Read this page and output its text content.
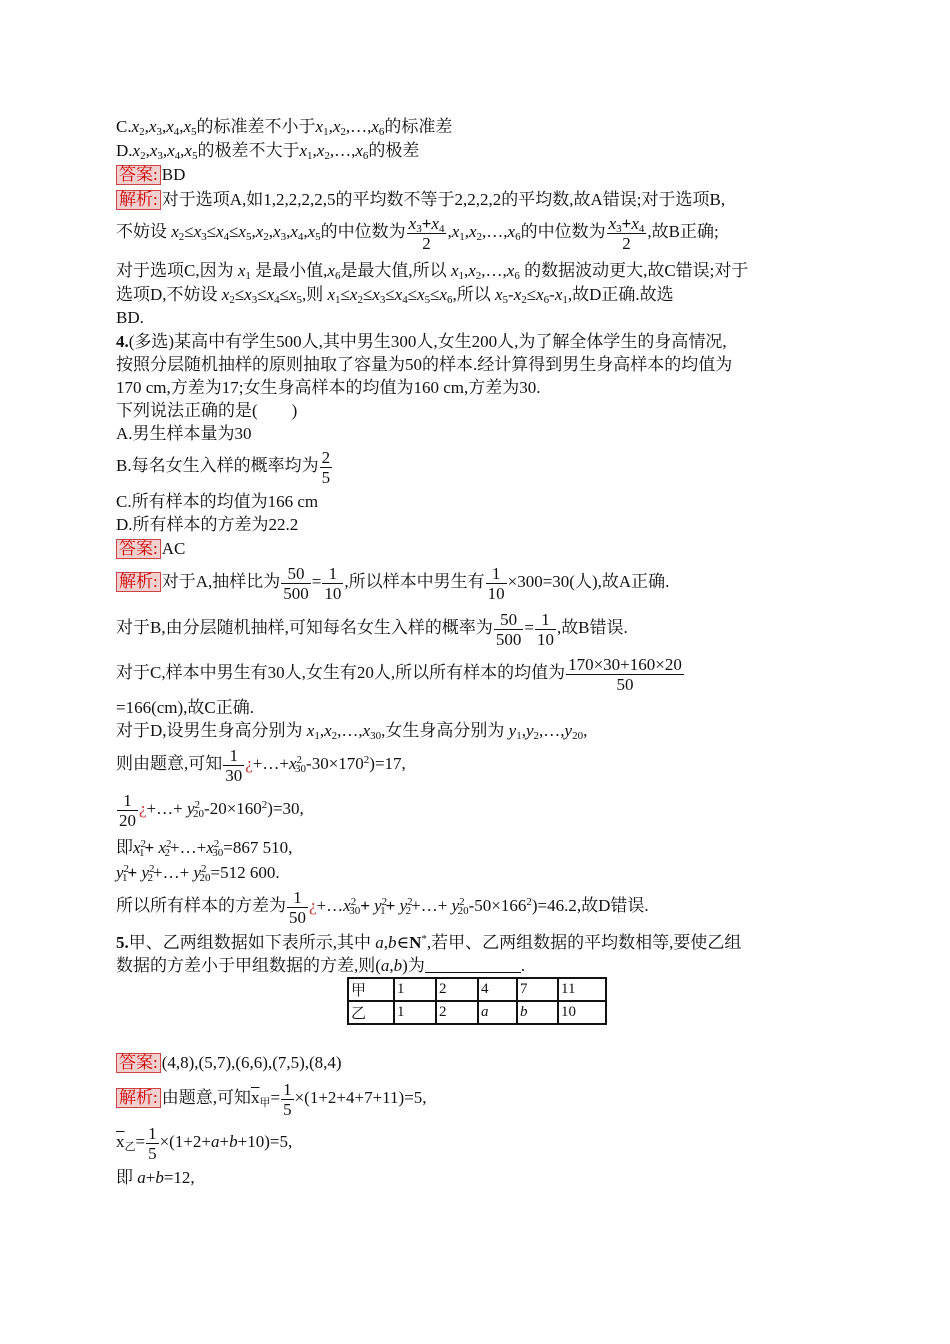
$C.x_2,x_3,x_4,x_5$的标准差不小于$x_1,x_2,\dots,x_6$的标准差
$D.x_2,x_3,x_4,x_5$的极差不大于$x_1,x_2,\dots,x_6$的极差
答案: BD
解析: 对于选项A,如1,2,2,2,2,5的平均数不等于2,2,2,2的平均数,故A错误;对于选项B,
不妨设 $x_2\le x_3\le x_4\le x_5,x_2,x_3,x_4,x_5$的中位数为 $\frac{x_3+x_4}{2}$ $,x_1,x_2,\dots,x_6$的中位数为 $\frac{x_3+x_4}{2}$ ,故B正确;
对于选项C,因为 $x_1$ 是最小值$,x_6$是最大值,所以 $x_1,x_2,\dots,x_6$ 的数据波动更大,故C错误;对于
选项D,不妨设 $x_2\le x_3\le x_4\le x_5$,则 $x_1\le x_2\le x_3\le x_4\le x_5\le x_6$,所以 $x_5-x_2\le x_6-x_1$,故D正确.故选
BD.
4.(多选)某高中有学生500人,其中男生300人,女生200人,为了解全体学生的身高情况,
按照分层随机抽样的原则抽取了容量为50的样本.经计算得到男生身高样本的均值为
170 cm,方差为17;女生身高样本的均值为160 cm,方差为30.
下列说法正确的是(　　)
A.男生样本量为30
B.每名女生入样的概率均为 $\frac{2}{5}$
C.所有样本的均值为166 cm
D.所有样本的方差为22.2
答案: AC
解析: 对于A,抽样比为 $\frac{50}{500} = \frac{1}{10}$ ,所以样本中男生有 $\frac{1}{10} \times 300=30$(人),故A正确.
对于B,由分层随机抽样,可知每名女生入样的概率为 $\frac{50}{500} = \frac{1}{10}$ ,故B错误.
对于C,样本中男生有30人,女生有20人,所以所有样本的均值为 $\frac{170\times 30+160\times 20}{50}$
=166(cm),故C正确.
对于D,设男生身高分别为 $x_1,x_2,\dots,x_{30}$,女生身高分别为 $y_1,y_2,\dots,y_{20}$,
则由题意,可知 $\frac{1}{30}$ ¿$+\dots+x^2_{30}-30\times 170^2)=17$,
$\frac{1}{20}$ ¿+…+ $y^2_{20}-20\times 160^2)=30$,
即$x^2_1+$ $x^2_2+\dots+x^2_{30}=867$ 510,
$y^2_1+$ $y^2_2+\dots+ y^2_{20}=512$ 600.
所以所有样本的方差为 $\frac{1}{50}$ ¿$+\dots x^2_{30}+ y^2_1+$ $y^2_2+\dots+ y^2_{20}-50\times 166^2)=46.2$,故D错误.
5.甲、乙两组数据如下表所示,其中 a,b∈N*,若甲、乙两组数据的平均数相等,要使乙组
数据的方差小于甲组数据的方差,则(a,b)为	.
甲	1	2	4	7	11
乙	1	2	a	b	10
答案: (4,8),(5,7),(6,6),(7,5),(8,4)
解析: 由题意,可知$\overline{x}_甲= \frac{1}{5} \times(1+2+4+7+11)=5$,
$\overline{x}_乙= \frac{1}{5} \times(1+2+a+b+10)=5$,
即 a+b=12,
